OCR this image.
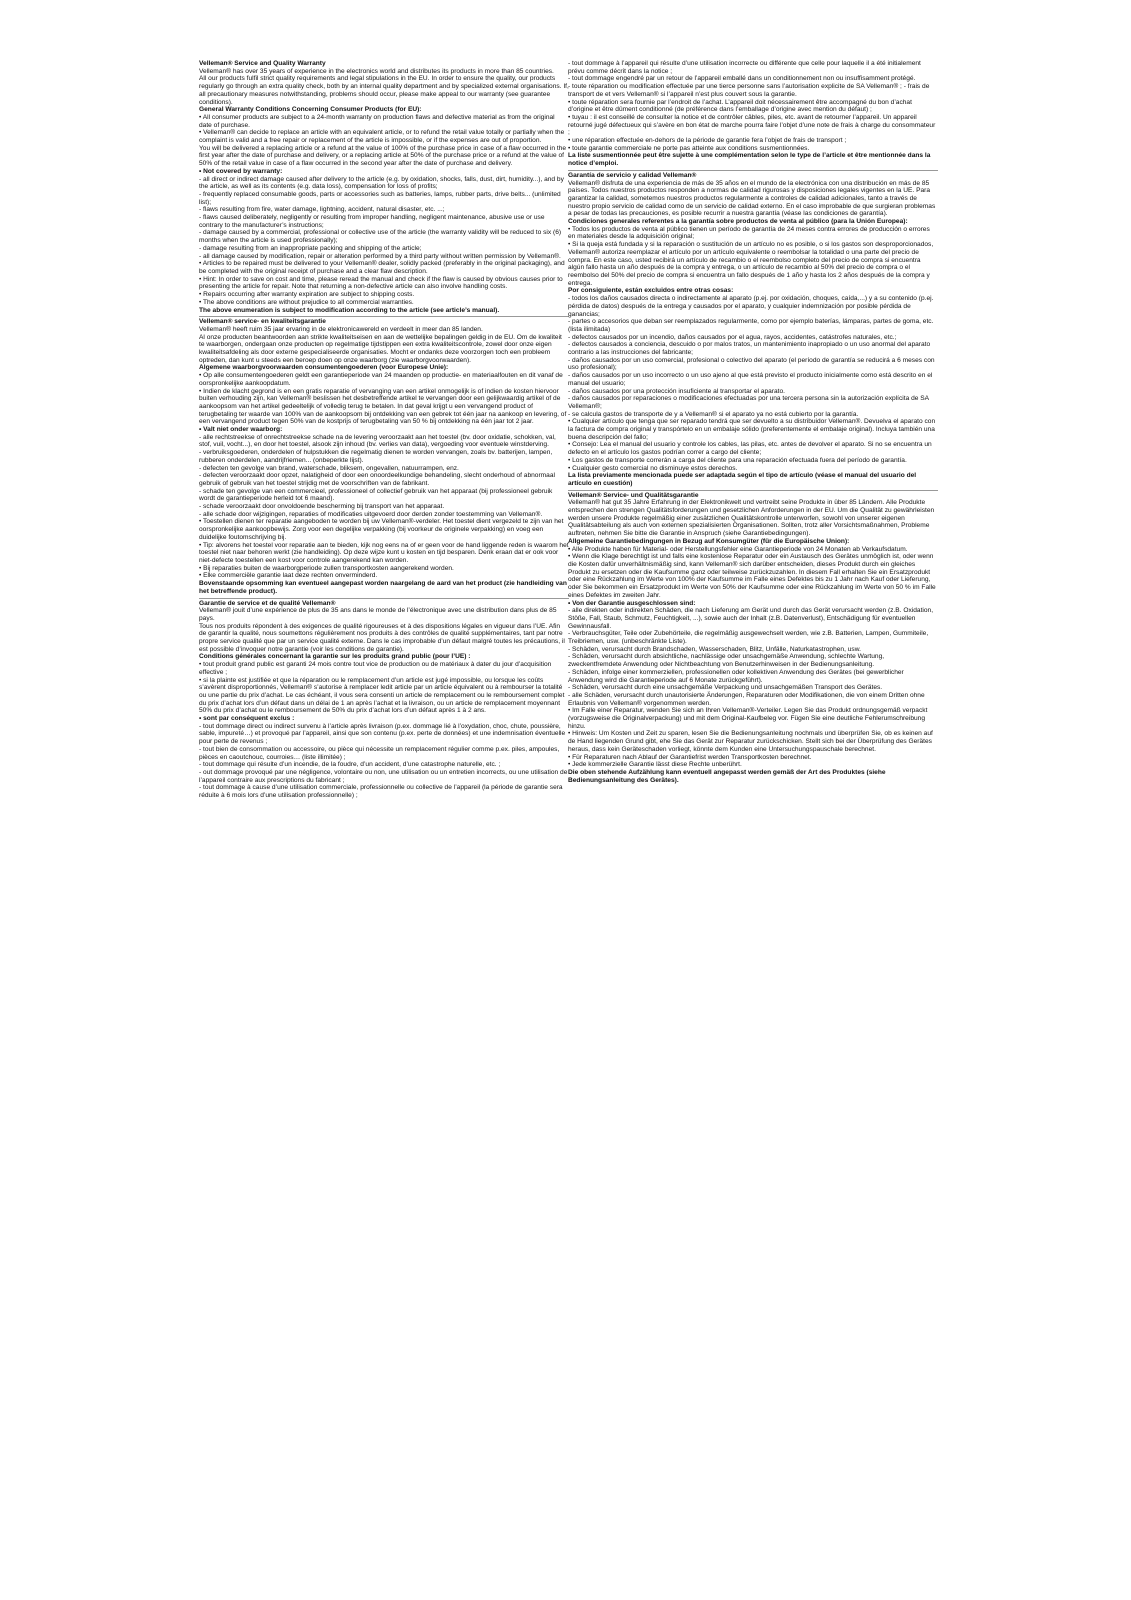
Velleman® Service and Quality Warranty

Velleman® has over 35 years of experience in the electronics world and distributes its products in more than 85 countries.

All our products fulfil strict quality requirements and legal stipulations in the EU. In order to ensure the quality, our products regularly go through an extra quality check, both by an internal quality department and by specialized external organisations. If, all precautionary measures notwithstanding, problems should occur, please make appeal to our warranty (see guarantee conditions).

General Warranty Conditions Concerning Consumer Products (for EU):

• All consumer products are subject to a 24-month warranty on production flaws and defective material as from the original date of purchase.

• Velleman® can decide to replace an article with an equivalent article, or to refund the retail value totally or partially when the complaint is valid and a free repair or replacement of the article is impossible, or if the expenses are out of proportion.

You will be delivered a replacing article or a refund at the value of 100% of the purchase price in case of a flaw occurred in the first year after the date of purchase and delivery, or a replacing article at 50% of the purchase price or a refund at the value of 50% of the retail value in case of a flaw occurred in the second year after the date of purchase and delivery.

• Not covered by warranty:

- all direct or indirect damage caused after delivery to the article (e.g. by oxidation, shocks, falls, dust, dirt, humidity...), and by the article, as well as its contents (e.g. data loss), compensation for loss of profits;

- frequently replaced consumable goods, parts or accessories such as batteries, lamps, rubber parts, drive belts... (unlimited list);

- flaws resulting from fire, water damage, lightning, accident, natural disaster, etc. ...;

- flaws caused deliberately, negligently or resulting from improper handling, negligent maintenance, abusive use or use contrary to the manufacturer’s instructions;

- damage caused by a commercial, professional or collective use of the article (the warranty validity will be reduced to six (6) months when the article is used professionally);

- damage resulting from an inappropriate packing and shipping of the article;

- all damage caused by modification, repair or alteration performed by a third party without written permission by Velleman®.

• Articles to be repaired must be delivered to your Velleman® dealer, solidly packed (preferably in the original packaging), and be completed with the original receipt of purchase and a clear flaw description.

• Hint: In order to save on cost and time, please reread the manual and check if the flaw is caused by obvious causes prior to presenting the article for repair. Note that returning a non-defective article can also involve handling costs.

• Repairs occurring after warranty expiration are subject to shipping costs.

• The above conditions are without prejudice to all commercial warranties.

The above enumeration is subject to modification according to the article (see article’s manual).

Velleman® service- en kwaliteitsgarantie

Velleman® heeft ruim 35 jaar ervaring in de elektronicawereld en verdeelt in meer dan 85 landen.

Al onze producten beantwoorden aan strikte kwaliteitseisen en aan de wettelijke bepalingen geldig in de EU. Om de kwaliteit te waarborgen, ondergaan onze producten op regelmatige tijdstippen een extra kwaliteitscontrole, zowel door onze eigen kwaliteitsafdeling als door externe gespecialiseerde organisaties. Mocht er ondanks deze voorzorgen toch een probleem optreden, dan kunt u steeds een beroep doen op onze waarborg (zie waarborgvoorwaarden).

Algemene waarborgvoorwaarden consumentengoederen (voor Europese Unie):

• Op alle consumentengoederen geldt een garantieperiode van 24 maanden op productie- en materiaalfouten en dit vanaf de oorspronkelijke aankoopdatum.

• Indien de klacht gegrond is en een gratis reparatie of vervanging van een artikel onmogelijk is of indien de kosten hiervoor buiten verhouding zijn, kan Velleman® beslissen het desbetreffende artikel te vervangen door een gelijkwaardig artikel of de aankoopsom van het artikel gedeeltelijk of volledig terug te betalen. In dat geval krijgt u een vervangend product of terugbetaling ter waarde van 100% van de aankoopsom bij ontdekking van een gebrek tot één jaar na aankoop en levering, of een vervangend product tegen 50% van de kostprijs of terugbetaling van 50 % bij ontdekking na één jaar tot 2 jaar.

• Valt niet onder waarborg:

- alle rechtstreekse of onrechtstreekse schade na de levering veroorzaakt aan het toestel (bv. door oxidatie, schokken, val, stof, vuil, vocht...), en door het toestel, alsook zijn inhoud (bv. verlies van data), vergoeding voor eventuele winstderving.

- verbruiksgoederen, onderdelen of hulpstukken die regelmatig dienen te worden vervangen, zoals bv. batterijen, lampen, rubberen onderdelen, aandrijfriemen... (onbeperkte lijst).

- defecten ten gevolge van brand, waterschade, bliksem, ongevallen, natuurrampen, enz.

- defecten veroorzaakt door opzet, nalatigheid of door een onoordeelkundige behandeling, slecht onderhoud of abnormaal gebruik of gebruik van het toestel strijdig met de voorschriften van de fabrikant.

- schade ten gevolge van een commercieel, professioneel of collectief gebruik van het apparaat (bij professioneel gebruik wordt de garantieperiode herleid tot 6 maand).

- schade veroorzaakt door onvoldoende bescherming bij transport van het apparaat.

- alle schade door wijzigingen, reparaties of modificaties uitgevoerd door derden zonder toestemming van Velleman®.

• Toestellen dienen ter reparatie aangeboden te worden bij uw Velleman®-verdeler. Het toestel dient vergezeld te zijn van het oorspronkelijke aankoopbewijs. Zorg voor een degelijke verpakking (bij voorkeur de originele verpakking) en voeg een duidelijke foutomschrijving bij.

• Tip: alvorens het toestel voor reparatie aan te bieden, kijk nog eens na of er geen voor de hand liggende reden is waarom het toestel niet naar behoren werkt (zie handleiding). Op deze wijze kunt u kosten en tijd besparen. Denk eraan dat er ook voor niet-defecte toestellen een kost voor controle aangerekend kan worden.

• Bij reparaties buiten de waarborgperiode zullen transportkosten aangerekend worden.

• Elke commerciële garantie laat deze rechten onverminderd.

Bovenstaande opsomming kan eventueel aangepast worden naargelang de aard van het product (zie handleiding van het betreffende product).

Garantie de service et de qualité Velleman®

Velleman® jouit d’une expérience de plus de 35 ans dans le monde de l’électronique avec une distribution dans plus de 85 pays.

Tous nos produits répondent à des exigences de qualité rigoureuses et à des dispositions légales en vigueur dans l’UE. Afin de garantir la qualité, nous soumettons régulièrement nos produits à des contrôles de qualité supplémentaires, tant par notre propre service qualité que par un service qualité externe. Dans le cas improbable d’un défaut malgré toutes les précautions, il est possible d’invoquer notre garantie (voir les conditions de garantie).

Conditions générales concernant la garantie sur les produits grand public (pour l’UE) :

• tout produit grand public est garanti 24 mois contre tout vice de production ou de matériaux à dater du jour d’acquisition effective ;

• si la plainte est justifiée et que la réparation ou le remplacement d’un article est jugé impossible, ou lorsque les coûts s’avèrent disproportionnés, Velleman® s’autorise à remplacer ledit article par un article équivalent ou à rembourser la totalité ou une partie du prix d’achat. Le cas échéant, il vous sera consenti un article de remplacement ou le remboursement complet du prix d’achat lors d’un défaut dans un délai de 1 an après l’achat et la livraison, ou un article de remplacement moyennant 50% du prix d’achat ou le remboursement de 50% du prix d’achat lors d’un défaut après 1 à 2 ans.

• sont par conséquent exclus :

- tout dommage direct ou indirect survenu à l’article après livraison (p.ex. dommage lié à l’oxydation, choc, chute, poussière, sable, impureté…) et provoqué par l’appareil, ainsi que son contenu (p.ex. perte de données) et une indemnisation éventuelle pour perte de revenus ;

- tout bien de consommation ou accessoire, ou pièce qui nécessite un remplacement régulier comme p.ex. piles, ampoules, pièces en caoutchouc, courroies… (liste illimitée) ;

- tout dommage qui résulte d’un incendie, de la foudre, d’un accident, d’une catastrophe naturelle, etc. ;

- out dommage provoqué par une négligence, volontaire ou non, une utilisation ou un entretien incorrects, ou une utilisation de l’appareil contraire aux prescriptions du fabricant ;

- tout dommage à cause d’une utilisation commerciale, professionnelle ou collective de l’appareil (la période de garantie sera réduite à 6 mois lors d’une utilisation professionnelle) ;

- tout dommage à l’appareil qui résulte d’une utilisation incorrecte ou différente que celle pour laquelle il a été initialement prévu comme décrit dans la notice ;

- tout dommage engendré par un retour de l’appareil emballé dans un conditionnement non ou insuffisamment protégé.

- toute réparation ou modification effectuée par une tierce personne sans l’autorisation explicite de SA Velleman® ; - frais de transport de et vers Velleman® si l’appareil n’est plus couvert sous la garantie.

• toute réparation sera fournie par l’endroit de l’achat. L’appareil doit nécessairement être accompagné du bon d’achat d’origine et être dûment conditionné (de préférence dans l’emballage d’origine avec mention du défaut) ;

• tuyau : il est conseillé de consulter la notice et de contrôler câbles, piles, etc. avant de retourner l’appareil. Un appareil retourné jugé défectueux qui s’avère en bon état de marche pourra faire l’objet d’une note de frais à charge du consommateur ;

• une réparation effectuée en-dehors de la période de garantie fera l’objet de frais de transport ;

• toute garantie commerciale ne porte pas atteinte aux conditions susmentionnées.

La liste susmentionnée peut être sujette à une complémentation selon le type de l’article et être mentionnée dans la notice d’emploi.

Garantía de servicio y calidad Velleman®

Velleman® disfruta de una experiencia de más de 35 años en el mundo de la electrónica con una distribución en más de 85 países. Todos nuestros productos responden a normas de calidad rigurosas y disposiciones legales vigentes en la UE. Para garantizar la calidad, sometemos nuestros productos regularmente a controles de calidad adicionales, tanto a través de nuestro propio servicio de calidad como de un servicio de calidad externo. En el caso improbable de que surgieran problemas a pesar de todas las precauciones, es posible recurrir a nuestra garantía (véase las condiciones de garantía).

Condiciones generales referentes a la garantía sobre productos de venta al público (para la Unión Europea):

• Todos los productos de venta al público tienen un período de garantía de 24 meses contra errores de producción o errores en materiales desde la adquisición original;

• Si la queja está fundada y si la reparación o sustitución de un artículo no es posible, o si los gastos son desproporcionados, Velleman® autoriza reemplazar el artículo por un artículo equivalente o reembolsar la totalidad o una parte del precio de compra. En este caso, usted recibirá un artículo de recambio o el reembolso completo del precio de compra si encuentra algún fallo hasta un año después de la compra y entrega, o un artículo de recambio al 50% del precio de compra o el reembolso del 50% del precio de compra si encuentra un fallo después de 1 año y hasta los 2 años después de la compra y entrega.

Por consiguiente, están excluidos entre otras cosas:

- todos los daños causados directa o indirectamente al aparato (p.ej. por oxidación, choques, caída,...) y a su contenido (p.ej. pérdida de datos) después de la entrega y causados por el aparato, y cualquier indemnización por posible pérdida de ganancias;

- partes o accesorios que deban ser reemplazados regularmente, como por ejemplo baterías, lámparas, partes de goma, etc. (lista ilimitada)

- defectos causados por un incendio, daños causados por el agua, rayos, accidentes, catástrofes naturales, etc.;

- defectos causados a conciencia, descuido o por malos tratos, un mantenimiento inapropiado o un uso anormal del aparato contrario a las instrucciones del fabricante;

- daños causados por un uso comercial, profesional o colectivo del aparato (el período de garantía se reducirá a 6 meses con uso profesional);

- daños causados por un uso incorrecto o un uso ajeno al que está previsto el producto inicialmente como está descrito en el manual del usuario;

- daños causados por una protección insuficiente al transportar el aparato.

- daños causados por reparaciones o modificaciones efectuadas por una tercera persona sin la autorización explícita de SA Velleman®;

- se calcula gastos de transporte de y a Velleman® si el aparato ya no está cubierto por la garantía.

• Cualquier artículo que tenga que ser reparado tendrá que ser devuelto a su distribuidor Velleman®. Devuelva el aparato con la factura de compra original y transpórtelo en un embalaje sólido (preferentemente el embalaje original). Incluya también una buena descripción del fallo;

• Consejo: Lea el manual del usuario y controle los cables, las pilas, etc. antes de devolver el aparato. Si no se encuentra un defecto en el artículo los gastos podrían correr a cargo del cliente;

• Los gastos de transporte correrán a carga del cliente para una reparación efectuada fuera del período de garantía.

• Cualquier gesto comercial no disminuye estos derechos.

La lista previamente mencionada puede ser adaptada según el tipo de artículo (véase el manual del usuario del artículo en cuestión)

Velleman® Service- und Qualitätsgarantie

Velleman® hat gut 35 Jahre Erfahrung in der Elektronikwelt und vertreibt seine Produkte in über 85 Ländern. Alle Produkte entsprechen den strengen Qualitätsforderungen und gesetzlichen Anforderungen in der EU. Um die Qualität zu gewährleisten werden unsere Produkte regelmäßig einer zusätzlichen Qualitätskontrolle unterworfen, sowohl von unserer eigenen Qualitätsabteilung als auch von externen spezialisierten Organisationen. Sollten, trotz aller Vorsichtsmaßnahmen, Probleme auftreten, nehmen Sie bitte die Garantie in Anspruch (siehe Garantiebedingungen).

Allgemeine Garantiebedingungen in Bezug auf Konsumgüter (für die Europäische Union):

• Alle Produkte haben für Material- oder Herstellungsfehler eine Garantieperiode von 24 Monaten ab Verkaufsdatum.

• Wenn die Klage berechtigt ist und falls eine kostenlose Reparatur oder ein Austausch des Gerätes unmöglich ist, oder wenn die Kosten dafür unverhältnismäßig sind, kann Velleman® sich darüber entscheiden, dieses Produkt durch ein gleiches Produkt zu ersetzen oder die Kaufsumme ganz oder teilweise zurückzuzahlen. In diesem Fall erhalten Sie ein Ersatzprodukt oder eine Rückzahlung im Werte von 100% der Kaufsumme im Falle eines Defektes bis zu 1 Jahr nach Kauf oder Lieferung, oder Sie bekommen ein Ersatzprodukt im Werte von 50% der Kaufsumme oder eine Rückzahlung im Werte von 50 % im Falle eines Defektes im zweiten Jahr.

• Von der Garantie ausgeschlossen sind:

- alle direkten oder indirekten Schäden, die nach Lieferung am Gerät und durch das Gerät verursacht werden (z.B. Oxidation, Stöße, Fall, Staub, Schmutz, Feuchtigkeit, ...), sowie auch der Inhalt (z.B. Datenverlust), Entschädigung für eventuellen Gewinnausfall.

- Verbrauchsgüter, Teile oder Zubehörteile, die regelmäßig ausgewechselt werden, wie z.B. Batterien, Lampen, Gummiteile, Treibriemen, usw. (unbeschränkte Liste).

- Schäden, verursacht durch Brandschaden, Wasserschaden, Blitz, Unfälle, Naturkatastrophen, usw.

- Schäden, verursacht durch absichtliche, nachlässige oder unsachgemäße Anwendung, schlechte Wartung, zweckentfremdete Anwendung oder Nichtbeachtung von Benutzerhinweisen in der Bedienungsanleitung.

- Schäden, infolge einer kommerziellen, professionellen oder kollektiven Anwendung des Gerätes (bei gewerblicher Anwendung wird die Garantieperiode auf 6 Monate zurückgeführt).

- Schäden, verursacht durch eine unsachgemäße Verpackung und unsachgemäßen Transport des Gerätes.

- alle Schäden, verursacht durch unautorisierte Änderungen, Reparaturen oder Modifikationen, die von einem Dritten ohne Erlaubnis von Velleman® vorgenommen werden.

• Im Falle einer Reparatur, wenden Sie sich an Ihren Velleman®-Verteiler. Legen Sie das Produkt ordnungsgemäß verpackt (vorzugsweise die Originalverpackung) und mit dem Original-Kaufbeleg vor. Fügen Sie eine deutliche Fehlerumschreibung hinzu.

• Hinweis: Um Kosten und Zeit zu sparen, lesen Sie die Bedienungsanleitung nochmals und überprüfen Sie, ob es keinen auf de Hand liegenden Grund gibt, ehe Sie das Gerät zur Reparatur zurückschicken. Stellt sich bei der Überprüfung des Gerätes heraus, dass kein Geräteschaden vorliegt, könnte dem Kunden eine Untersuchungspauschale berechnet.

• Für Reparaturen nach Ablauf der Garantiefrist werden Transportkosten berechnet.

• Jede kommerzielle Garantie lässt diese Rechte unberührt.

Die oben stehende Aufzählung kann eventuell angepasst werden gemäß der Art des Produktes (siehe Bedienungsanleitung des Gerätes).
